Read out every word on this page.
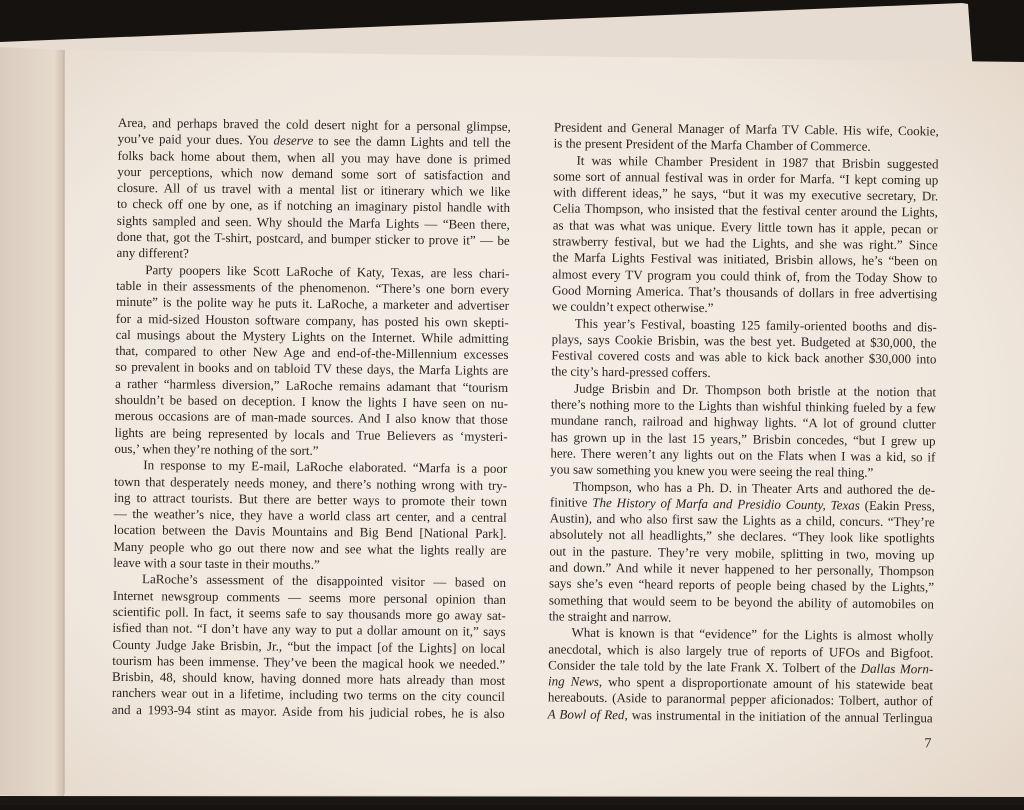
Area, and perhaps braved the cold desert night for a personal glimpse,
you’ve paid your dues. You deserve to see the damn Lights and tell the
folks back home about them, when all you may have done is primed
your perceptions, which now demand some sort of satisfaction and
closure. All of us travel with a mental list or itinerary which we like
to check off one by one, as if notching an imaginary pistol handle with
sights sampled and seen. Why should the Marfa Lights — “Been there,
done that, got the T-shirt, postcard, and bumper sticker to prove it” — be
any different?
Party poopers like Scott LaRoche of Katy, Texas, are less chari-
table in their assessments of the phenomenon. “There’s one born every
minute” is the polite way he puts it. LaRoche, a marketer and advertiser
for a mid-sized Houston software company, has posted his own skepti-
cal musings about the Mystery Lights on the Internet. While admitting
that, compared to other New Age and end-of-the-Millennium excesses
so prevalent in books and on tabloid TV these days, the Marfa Lights are
a rather “harmless diversion,” LaRoche remains adamant that “tourism
shouldn’t be based on deception. I know the lights I have seen on nu-
merous occasions are of man-made sources. And I also know that those
lights are being represented by locals and True Believers as ‘mysteri-
ous,’ when they’re nothing of the sort.”
In response to my E-mail, LaRoche elaborated. “Marfa is a poor
town that desperately needs money, and there’s nothing wrong with try-
ing to attract tourists. But there are better ways to promote their town
— the weather’s nice, they have a world class art center, and a central
location between the Davis Mountains and Big Bend [National Park].
Many people who go out there now and see what the lights really are
leave with a sour taste in their mouths.”
LaRoche’s assessment of the disappointed visitor — based on
Internet newsgroup comments — seems more personal opinion than
scientific poll. In fact, it seems safe to say thousands more go away sat-
isfied than not. “I don’t have any way to put a dollar amount on it,” says
County Judge Jake Brisbin, Jr., “but the impact [of the Lights] on local
tourism has been immense. They’ve been the magical hook we needed.”
Brisbin, 48, should know, having donned more hats already than most
ranchers wear out in a lifetime, including two terms on the city council
and a 1993-94 stint as mayor. Aside from his judicial robes, he is also
President and General Manager of Marfa TV Cable. His wife, Cookie,
is the present President of the Marfa Chamber of Commerce.
It was while Chamber President in 1987 that Brisbin suggested
some sort of annual festival was in order for Marfa. “I kept coming up
with different ideas,” he says, “but it was my executive secretary, Dr.
Celia Thompson, who insisted that the festival center around the Lights,
as that was what was unique. Every little town has it apple, pecan or
strawberry festival, but we had the Lights, and she was right.” Since
the Marfa Lights Festival was initiated, Brisbin allows, he’s “been on
almost every TV program you could think of, from the Today Show to
Good Morning America. That’s thousands of dollars in free advertising
we couldn’t expect otherwise.”
This year’s Festival, boasting 125 family-oriented booths and dis-
plays, says Cookie Brisbin, was the best yet. Budgeted at $30,000, the
Festival covered costs and was able to kick back another $30,000 into
the city’s hard-pressed coffers.
Judge Brisbin and Dr. Thompson both bristle at the notion that
there’s nothing more to the Lights than wishful thinking fueled by a few
mundane ranch, railroad and highway lights. “A lot of ground clutter
has grown up in the last 15 years,” Brisbin concedes, “but I grew up
here. There weren’t any lights out on the Flats when I was a kid, so if
you saw something you knew you were seeing the real thing.”
Thompson, who has a Ph. D. in Theater Arts and authored the de-
finitive The History of Marfa and Presidio County, Texas (Eakin Press,
Austin), and who also first saw the Lights as a child, concurs. “They’re
absolutely not all headlights,” she declares. “They look like spotlights
out in the pasture. They’re very mobile, splitting in two, moving up
and down.” And while it never happened to her personally, Thompson
says she’s even “heard reports of people being chased by the Lights,”
something that would seem to be beyond the ability of automobiles on
the straight and narrow.
What is known is that “evidence” for the Lights is almost wholly
anecdotal, which is also largely true of reports of UFOs and Bigfoot.
Consider the tale told by the late Frank X. Tolbert of the Dallas Morn-
ing News, who spent a disproportionate amount of his statewide beat
hereabouts. (Aside to paranormal pepper aficionados: Tolbert, author of
A Bowl of Red, was instrumental in the initiation of the annual Terlingua
7
